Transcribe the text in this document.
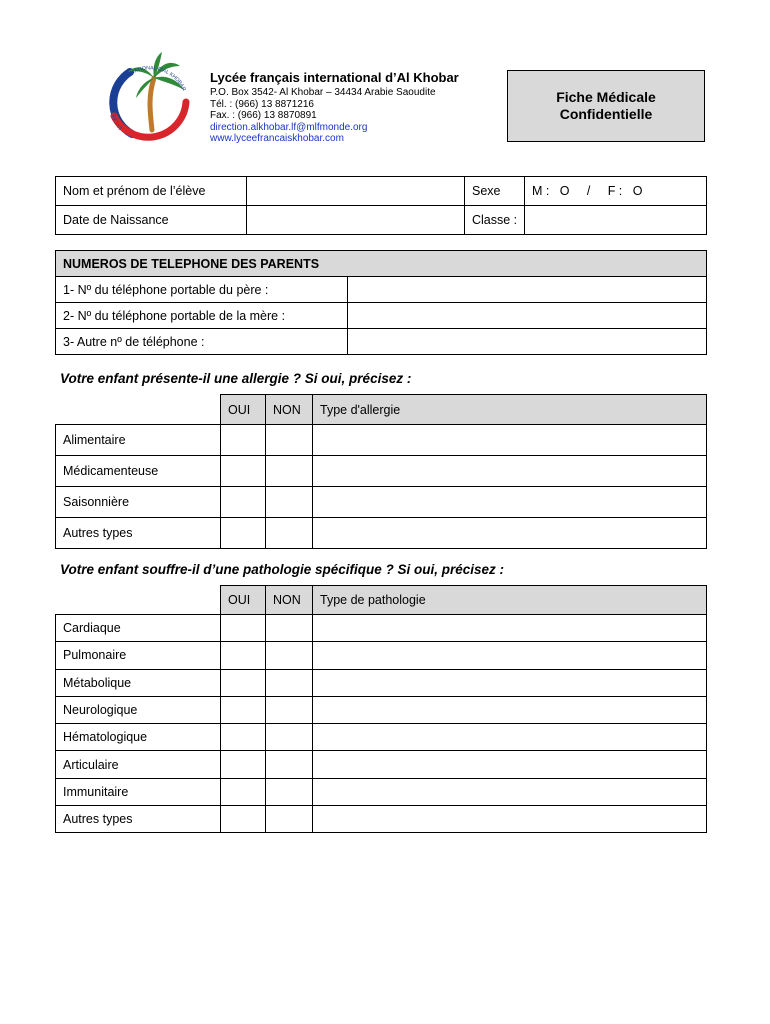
LYCÉE FRANÇAIS INTERNATIONAL D'AL KHOBAR
Lycée français international d’Al Khobar
P.O. Box 3542- Al Khobar – 34434 Arabie Saoudite
Tél. : (966) 13 8871216
Fax. : (966) 13 8870891
direction.alkhobar.lf@mlfmonde.org
www.lyceefrancaiskhobar.com
Fiche Médicale
Confidentielle
Nom et prénom de l’élève		Sexe	M :   O     /     F :   O
Date de Naissance		Classe :	
NUMEROS DE TELEPHONE DES PARENTS	
1- Nº du téléphone portable du père :	
2- Nº du téléphone portable de la mère :	
3- Autre nº de téléphone :	
Votre enfant présente-il une allergie ? Si oui, précisez :
	OUI	NON	Type d'allergie
Alimentaire			
Médicamenteuse			
Saisonnière			
Autres types			
Votre enfant souffre-il d’une pathologie spécifique ? Si oui, précisez :
	OUI	NON	Type de pathologie
Cardiaque			
Pulmonaire			
Métabolique			
Neurologique			
Hématologique			
Articulaire			
Immunitaire			
Autres types			
